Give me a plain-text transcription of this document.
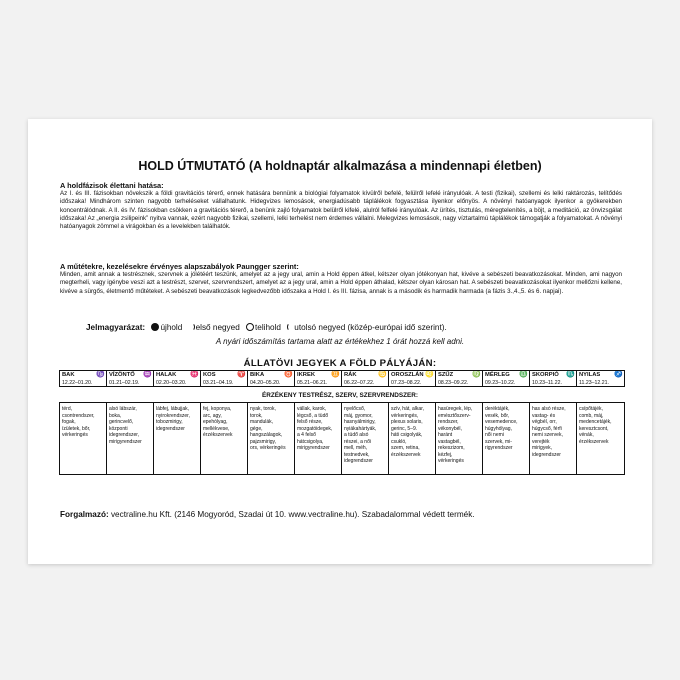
HOLD ÚTMUTATÓ (A holdnaptár alkalmazása a mindennapi életben)
A holdfázisok élettani hatása:
Az I. és III. fázisokban növekszik a földi gravitációs térerő, ennek hatására bennünk a biológiai folyamatok kívülről befelé, felülről lefelé irányulóak. A testi (fizikai), szellemi és lelki raktározás, telítődés időszaka! Mindhárom szinten nagyobb terheléseket vállalhatunk. Hidegvizes lemosások, energiadúsabb táplálékok fogyasztása ilyenkor előnyös. A növényi hatóanyagok ilyenkor a gyökerekben koncentrálódnak. A II. és IV. fázisokban csökken a gravitációs térerő, a benünk zajló folyamatok belülről kifelé, alulról felfelé irányulóak. Az ürítés, tisztulás, méregtelenítés, a böjt, a meditáció, az önvizsgálat időszaka! Az „energia zsilipeink” nyitva vannak, ezért nagyobb fizikai, szellemi, lelki terhelést nem érdemes vállalni. Melegvizes lemosások, nagy víztartalmú táplálékok támogatják a folyamatokat. A növényi hatóanyagok zömmel a virágokban és a levelekben találhatók.
A műtétekre, kezelésekre érvényes alapszabályok Paungger szerint:
Minden, amit annak a testrésznek, szervnek a jólétéért teszünk, amelyet az a jegy ural, amin a Hold éppen átkel, kétszer olyan jótékonyan hat, kivéve a sebészeti beavatkozásokat. Minden, ami nagyon megterheli, vagy igénybe veszi azt a testrészt, szervet, szervrendszert, amelyet az a jegy ural, amin a Hold éppen áthalad, kétszer olyan károsan hat. A sebészeti beavatkozásokat ilyenkor mellőzni kellene, kivéve a sürgős, életmentő műtéteket. A sebészeti beavatkozások legkedvezőbb időszaka a Hold I. és III. fázisa, annak is a második és harmadik harmada (a fázis 3.,4.,5. és 6. napjai).
Jelmagyarázat: újhold első negyed telihold utolsó negyed (közép-európai idő szerint).
A nyári időszámítás tartama alatt az értékekhez 1 órát hozzá kell adni.
ÁLLATÖVI JEGYEK A FÖLD PÁLYÁJÁN:
BAK
12.22–01.20.
♑ VÍZÖNTŐ
01.21–02.19.
♒ HALAK
02.20–03.20.
♓ KOS
03.21–04.19.
♈ BIKA
04.20–05.20.
♉ IKREK
05.21–06.21.
♊ RÁK
06.22–07.22.
♋ OROSZLÁN
07.23–08.22.
♌ SZŰZ
08.23–09.22.
♍ MÉRLEG
09.23–10.22.
♎ SKORPIÓ
10.23–11.22.
♏ NYILAS
11.23–12.21.
♐
ÉRZÉKENY TESTRÉSZ, SZERV, SZERVRENDSZER:
térd,
csontrendszer,
fogak,
ízületek, bőr,
vérkeringés
alsó lábszár,
boka,
gerincvelő,
központi
idegrendszer,
mirigyrendszer
lábfej, lábujjak,
nyirokrendszer,
tobozmirigy,
idegrendszer
fej, koponya,
arc, agy,
epehólyag,
mellékvese,
érzékszervek
nyak, torok,
torok,
mandulák,
gége,
hangszálagok,
pajzsmirigy,
ors, vérkeringés
vállak, karok,
légcső, a tüdő
felső része,
mozgatóidegek,
a 4 felső
hátcsigolya,
mirigyrendszer
nyelőcső,
máj, gyomor,
hasnyálmirigy,
nyiákahártyák,
a tüdő alsó
részei, a női
mell, méh,
testnedvek,
idegrendszer
szív, hát, alkar,
vérkeringés,
plexus solaris,
gerinc, 5–9.
háti csigolyák,
csukló,
szem, retina,
érzékszervek
hasüregek, lép,
emésztőszerv-
rendszer,
vékonybél,
haránt
vastagbél,
rekeszizom,
kézfej,
vérkeringés
deréktájék,
vesék, bőr,
vesemedence,
húgyhólyag,
női nemi
szervek, mi-
rigyrendszer
has alsó része,
vastag- és
végbél, orr,
húgycső, férfi
nemi szervek,
verejték
mirigyek,
idegrendszer
csípőtájék,
comb, máj,
medencetájék,
keresztcsont,
vénák,
érzékszervek
Forgalmazó: vectraline.hu Kft. (2146 Mogyoród, Szadai út 10. www.vectraline.hu). Szabadalommal védett termék.
